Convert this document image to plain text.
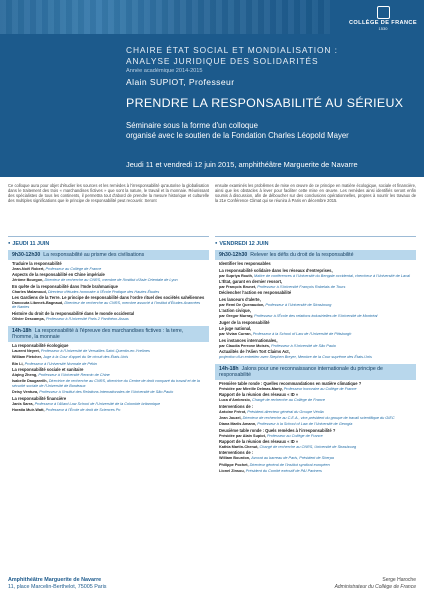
COLLÈGE DE FRANCE
1530
CHAIRE ÉTAT SOCIAL ET MONDIALISATION :
ANALYSE JURIDIQUE DES SOLIDARITÉS
Année académique 2014-2015
Alain SUPIOT, Professeur
PRENDRE LA RESPONSABILITÉ AU SÉRIEUX
Séminaire sous la forme d'un colloque
organisé avec le soutien de la Fondation Charles Léopold Mayer
Jeudi 11 et vendredi 12 juin 2015, amphithéâtre Marguerite de Navarre
Ce colloque aura pour objet d'étudier les sources et les remèdes à l'irresponsabilité qu'autorise la globalisation dans le traitement des trois « marchandises fictives » que sont la nature, le travail et la monnaie. Réunissant des spécialistes de tous les continents, il permettra tout d'abord de prendre la mesure historique et culturelle des multiples significations que le principe de responsabilité peut recouvrir. Seront
ensuite examinés les problèmes de mise en œuvre de ce principe en matière écologique, sociale et financière, ainsi que les obstacles à lever pour faciliter cette mise en œuvre. Les remèdes ainsi identifiés seront enfin soumis à discussion, afin de déboucher sur des conclusions opérationnelles, propres à nourrir les travaux de la 21e Conférence Climat qui se réunira à Paris en décembre 2015.
● JEUDI 11 JUIN
9h30-12h30 La responsabilité au prisme des civilisations
Traduire la responsabilité
Jean-Noël Robert, Professeur au Collège de France
Aspects de la responsabilité en Chine impériale
Jérôme Bourgon, Directeur de recherche au CNRS, membre de l'Institut d'Asie Orientale de Lyon
En quête de la responsabilité dans l'Inde brahmanique
Charles Malamoud, Directeur d'études honoraire à l'École Pratique des Hautes Études
Les Gardiens de la Terre. Le principe de responsabilité dans l'ordre rituel des sociétés sahéliennes
Dancouta Libenek-Bagnaud, Directeur de recherche au CNRS, membre associé à l'Institut d'Études Avancées de Nantes
Histoire du droit de la responsabilité dans le monde occidental
Olivier Descamps, Professeur à l'Université Paris 2 Panthéon-Assas
14h-18h La responsabilité à l'épreuve des marchandises fictives : la terre, l'homme, la monnaie
La responsabilité écologique
Laurent Neyret, Professeur à l'Université de Versailles Saint-Quentin-en-Yvelines
William Fletcher, Juge à la Cour d'appel du 9e circuit des États-Unis
Bin Li, Professeur à l'Université Normale de Pékin
La responsabilité sociale et sanitaire
Aiqing Zheng, Professeur à l'Université Renmin de Chine
Isabelle Daugareilh, Directrice de recherche au CNRS, directrice du Centre de droit comparé du travail et de la sécurité sociale de l'Université de Bordeaux
Deisy Ventura, Professeur à l'Institut des Relations Internationales de l'Université de São Paulo
La responsabilité financière
Janis Sarra, Professeur à l'Allard Law School de l'Université de la Colombie britannique
Horatia Muir-Watt, Professeur à l'École de droit de Sciences Po
● VENDREDI 12 JUIN
9h30-12h30 Relever les défis du droit de la responsabilité
Identifier les responsables
La responsabilité solidaire dans les réseaux d'entreprises,
par Supriya Routh, Maître de conférences à l'Université du Bengale occidental, chercheur à l'Université de Laval
L'État, garant en dernier ressort,
par François Brunet, Professeur à l'Université François Rabelais de Tours
Déclencher l'action en responsabilité
Les lanceurs d'alerte,
par Remi De Quenaudon, Professeur à l'Université de Strasbourg
L'action civique,
par Gregor Murray, Professeur à l'École des relations industrielles de l'Université de Montréal
Juger de la responsabilité
Le juge national,
par Vivian Curran, Professeur à la School of Law de l'Université de Pittsburgh
Les instances internationales,
par Claudia Perrone Moisés, Professeur à l'Université de São Paulo
Actualités de l'Alien Tort Claims Act,
projection d'un entretien avec Stephen Breyer, Membre de la Cour suprême des États-Unis
14h-18h Jalons pour une reconnaissance internationale du principe de responsabilité
Première table ronde : Quelles recommandations en matière climatique ?
Présidée par Mireille Delmas-Marty, Professeur honoraire au Collège de France
Rapport de la réunion des réseaux « ID »
Luca d'Ambrosio, Chargé de recherche au Collège de France
Interventions de :
Antoine Frérot, Président-directeur général du Groupe Véolia
Jean Jouzel, Directeur de recherche au C.E.A., vice-président du groupe de travail scientifique du GIEC
Diana Mariis Amann, Professeur à la School of Law de l'Université de Georgia
Deuxième table ronde : Quels remèdes à l'irresponsabilité ?
Présidée par Alain Supiot, Professeur au Collège de France
Rapport de la réunion des réseaux « ID »
Kathia Martin-Chenut, Chargé de recherche au CNRS, Université de Strasbourg
Interventions de :
William Bourdon, Avocat au barreau de Paris, Président de Sherpa
Philippe Pochet, Directeur général de l'Institut syndical européen
Lionel Zinsou, Président du Comité exécutif de PAI Partners
Amphithéâtre Marguerite de Navarre
11, place Marcelin-Berthelot, 75005 Paris
Serge Haroche
Administrateur du Collège de France
